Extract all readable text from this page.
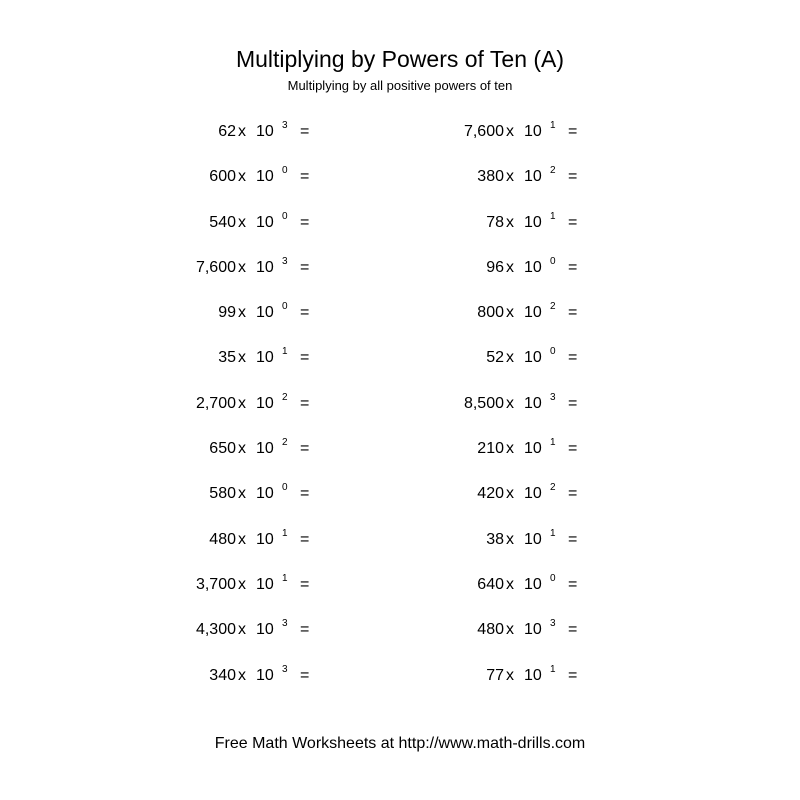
Multiplying by Powers of Ten (A)
Multiplying by all positive powers of ten
62 x 10 3 =
600 x 10 0 =
540 x 10 0 =
7,600 x 10 3 =
99 x 10 0 =
35 x 10 1 =
2,700 x 10 2 =
650 x 10 2 =
580 x 10 0 =
480 x 10 1 =
3,700 x 10 1 =
4,300 x 10 3 =
340 x 10 3 =
7,600 x 10 1 =
380 x 10 2 =
78 x 10 1 =
96 x 10 0 =
800 x 10 2 =
52 x 10 0 =
8,500 x 10 3 =
210 x 10 1 =
420 x 10 2 =
38 x 10 1 =
640 x 10 0 =
480 x 10 3 =
77 x 10 1 =
Free Math Worksheets at http://www.math-drills.com
